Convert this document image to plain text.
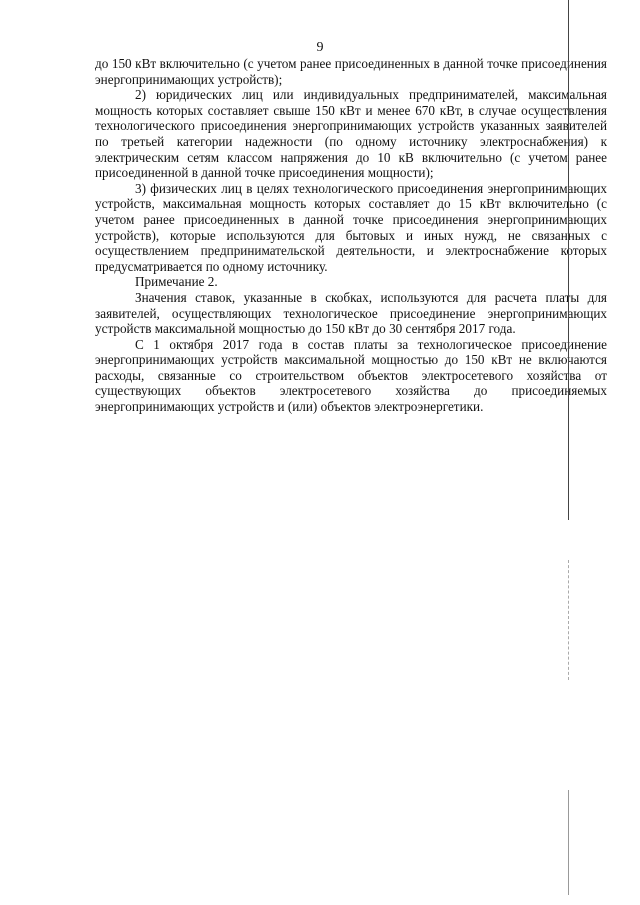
9

до 150 кВт включительно (с учетом ранее присоединенных в данной точке присоединения энергопринимающих устройств);

2) юридических лиц или индивидуальных предпринимателей, максимальная мощность которых составляет свыше 150 кВт и менее 670 кВт, в случае осуществления технологического присоединения энергопринимающих устройств указанных заявителей по третьей категории надежности (по одному источнику электроснабжения) к электрическим сетям классом напряжения до 10 кВ включительно (с учетом ранее присоединенной в данной точке присоединения мощности);

3) физических лиц в целях технологического присоединения энергопринимающих устройств, максимальная мощность которых составляет до 15 кВт включительно (с учетом ранее присоединенных в данной точке присоединения энергопринимающих устройств), которые используются для бытовых и иных нужд, не связанных с осуществлением предпринимательской деятельности, и электроснабжение которых предусматривается по одному источнику.

Примечание 2.

Значения ставок, указанные в скобках, используются для расчета платы для заявителей, осуществляющих технологическое присоединение энергопринимающих устройств максимальной мощностью до 150 кВт до 30 сентября 2017 года.

С 1 октября 2017 года в состав платы за технологическое присоединение энергопринимающих устройств максимальной мощностью до 150 кВт не включаются расходы, связанные со строительством объектов электросетевого хозяйства от существующих объектов электросетевого хозяйства до присоединяемых энергопринимающих устройств и (или) объектов электроэнергетики.
